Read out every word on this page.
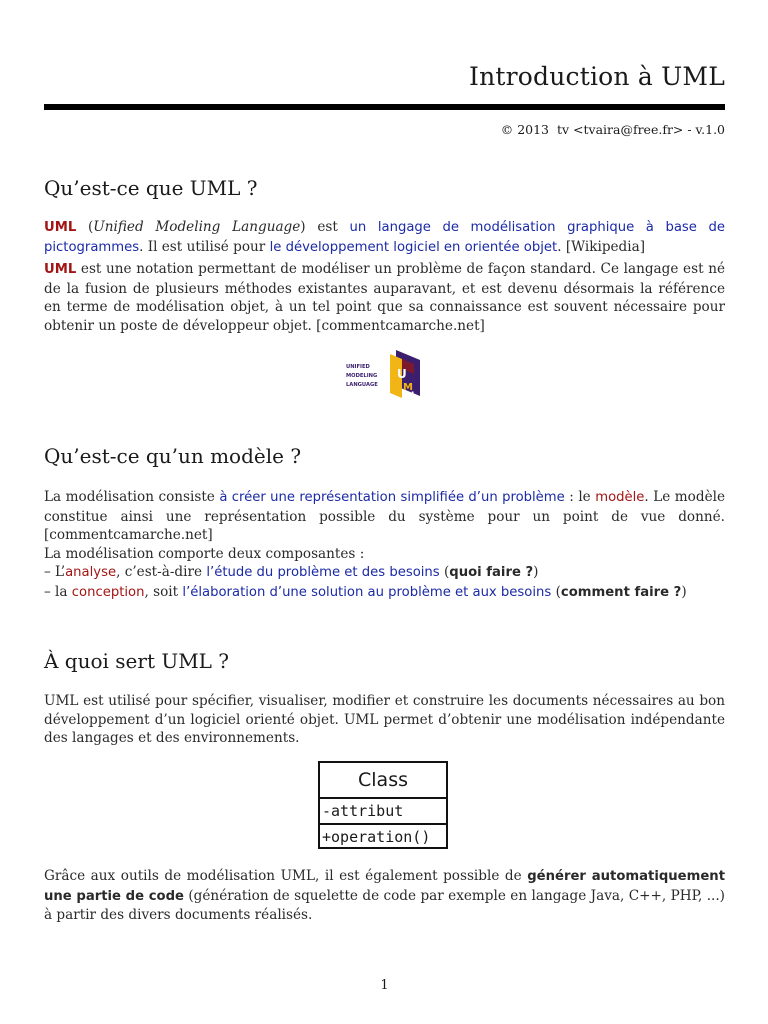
Introduction à UML
© 2013  tv <tvaira@free.fr> - v.1.0
Qu’est-ce que UML ?

UML (Unified Modeling Language) est un langage de modélisation graphique à base de pictogrammes. Il est utilisé pour le développement logiciel en orientée objet. [Wikipedia]

UML est une notation permettant de modéliser un problème de façon standard. Ce langage est né de la fusion de plusieurs méthodes existantes auparavant, et est devenu désormais la référence en terme de modélisation objet, à un tel point que sa connaissance est souvent nécessaire pour obtenir un poste de développeur objet. [commentcamarche.net]

UNIFIED
MODELING
LANGUAGE
U
M
L
Qu’est-ce qu’un modèle ?

La modélisation consiste à créer une représentation simplifiée d’un problème : le modèle. Le modèle constitue ainsi une représentation possible du système pour un point de vue donné. [commentcamarche.net]

La modélisation comporte deux composantes :

– L’analyse, c’est-à-dire l’étude du problème et des besoins (quoi faire ?)
– la conception, soit l’élaboration d’une solution au problème et aux besoins (comment faire ?)
À quoi sert UML ?

UML est utilisé pour spécifier, visualiser, modifier et construire les documents nécessaires au bon développement d’un logiciel orienté objet. UML permet d’obtenir une modélisation indépendante des langages et des environnements.

Class
-attribut
+operation()

Grâce aux outils de modélisation UML, il est également possible de générer automatiquement une partie de code (génération de squelette de code par exemple en langage Java, C++, PHP, ...) à partir des divers documents réalisés.

1
